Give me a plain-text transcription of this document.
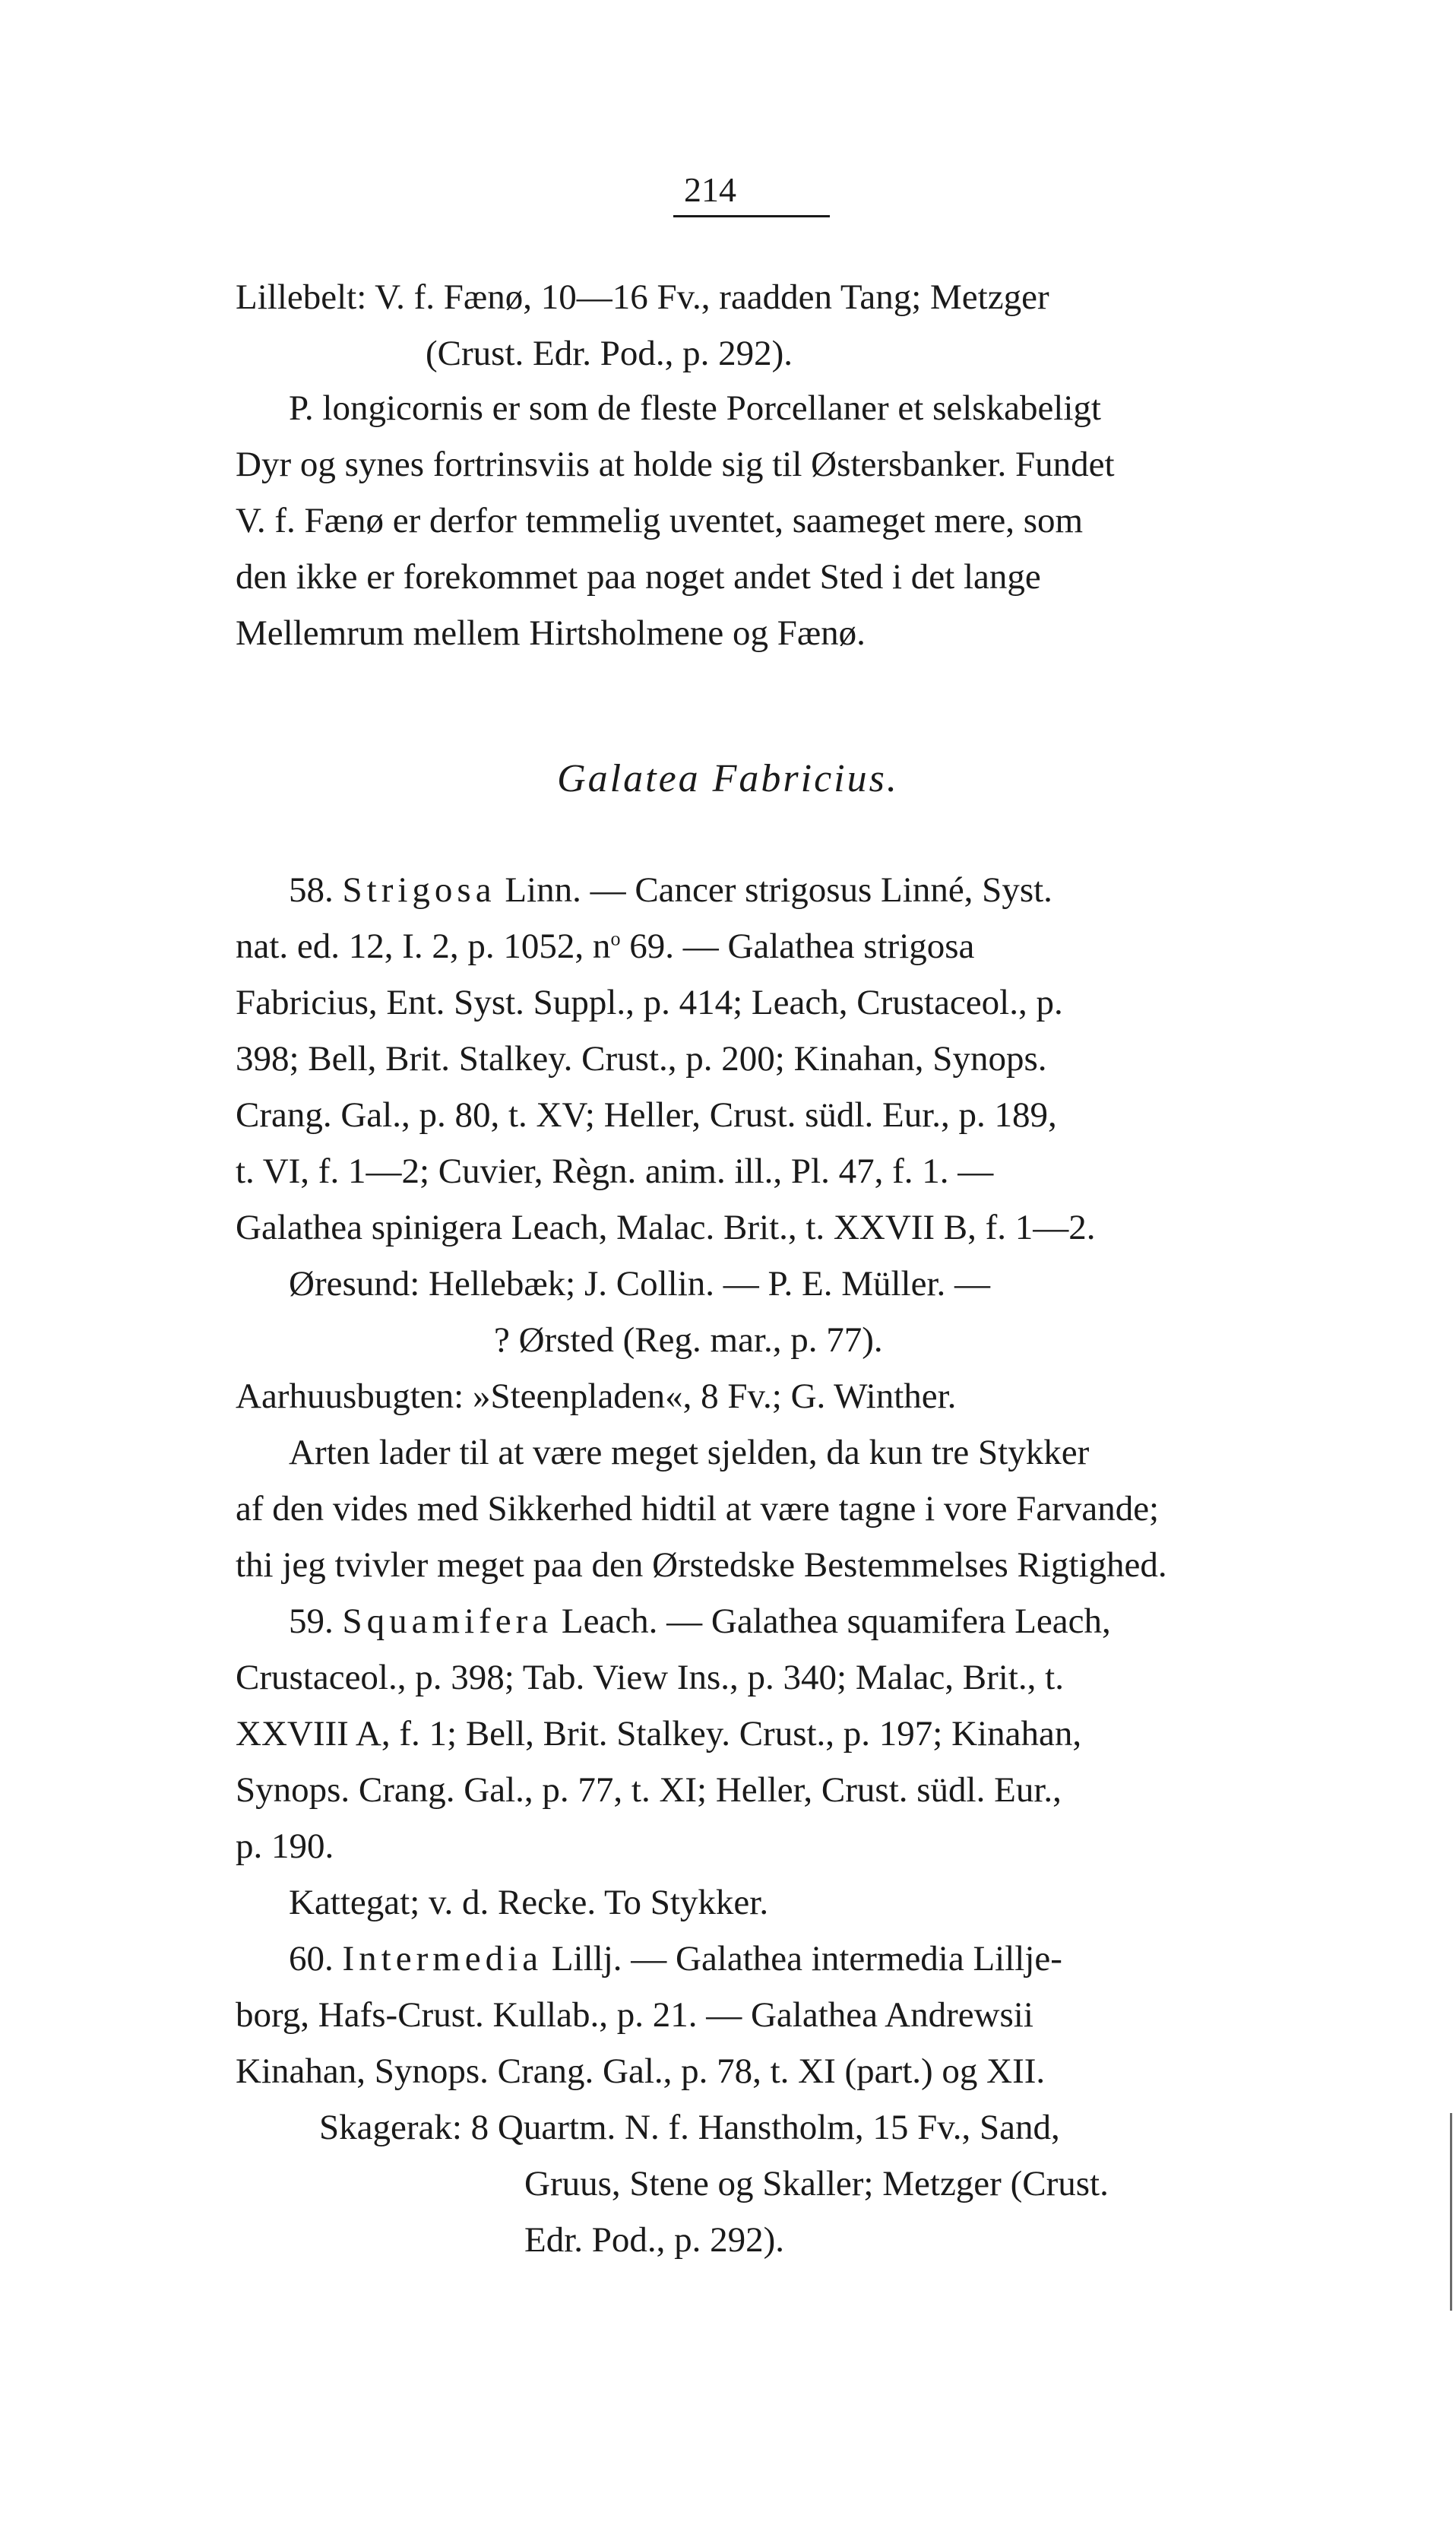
214
Lillebelt: V. f. Fænø, 10—16 Fv., raadden Tang; Metzger
(Crust. Edr. Pod., p. 292).
P. longicornis er som de fleste Porcellaner et selskabeligt
Dyr og synes fortrinsviis at holde sig til Østersbanker. Fundet
V. f. Fænø er derfor temmelig uventet, saameget mere, som
den ikke er forekommet paa noget andet Sted i det lange
Mellemrum mellem Hirtsholmene og Fænø.
Galatea Fabricius.
58. Strigosa Linn. — Cancer strigosus Linné, Syst.
nat. ed. 12, I. 2, p. 1052, $n^o$ 69. — Galathea strigosa
Fabricius, Ent. Syst. Suppl., p. 414; Leach, Crustaceol., p.
398; Bell, Brit. Stalkey. Crust., p. 200; Kinahan, Synops.
Crang. Gal., p. 80, t. XV; Heller, Crust. südl. Eur., p. 189,
t. VI, f. 1—2; Cuvier, Règn. anim. ill., Pl. 47, f. 1. —
Galathea spinigera Leach, Malac. Brit., t. XXVII B, f. 1—2.
Øresund: Hellebæk; J. Collin. — P. E. Müller. —
? Ørsted (Reg. mar., p. 77).
Aarhuusbugten: »Steenpladen«, 8 Fv.; G. Winther.
Arten lader til at være meget sjelden, da kun tre Stykker
af den vides med Sikkerhed hidtil at være tagne i vore Farvande;
thi jeg tvivler meget paa den Ørstedske Bestemmelses Rigtighed.
59. Squamifera Leach. — Galathea squamifera Leach,
Crustaceol., p. 398; Tab. View Ins., p. 340; Malac, Brit., t.
XXVIII A, f. 1; Bell, Brit. Stalkey. Crust., p. 197; Kinahan,
Synops. Crang. Gal., p. 77, t. XI; Heller, Crust. südl. Eur.,
p. 190.
Kattegat; v. d. Recke. To Stykker.
60. Intermedia Lillj. — Galathea intermedia Lillje-
borg, Hafs-Crust. Kullab., p. 21. — Galathea Andrewsii
Kinahan, Synops. Crang. Gal., p. 78, t. XI (part.) og XII.
Skagerak: 8 Quartm. N. f. Hanstholm, 15 Fv., Sand,
Gruus, Stene og Skaller; Metzger (Crust.
Edr. Pod., p. 292).
